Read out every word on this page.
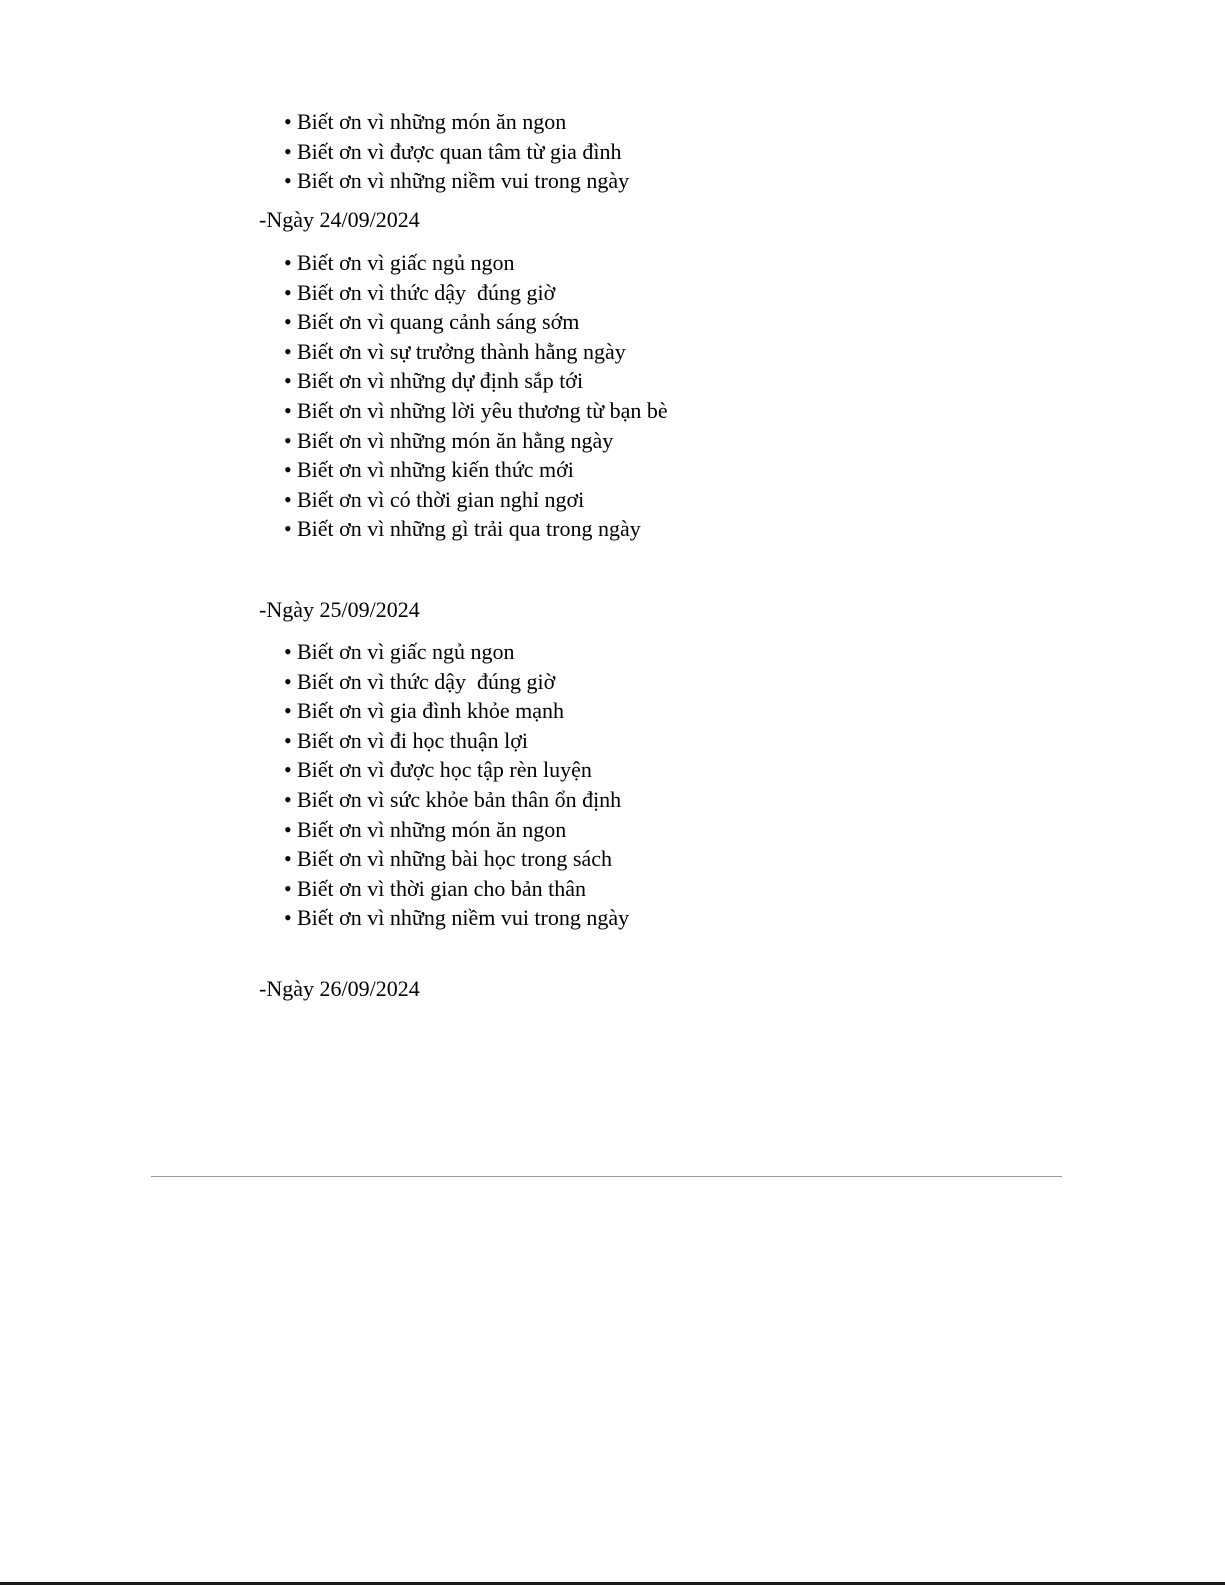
• Biết ơn vì những món ăn ngon
• Biết ơn vì được quan tâm từ gia đình
• Biết ơn vì những niềm vui trong ngày
-Ngày 24/09/2024
• Biết ơn vì giấc ngủ ngon
• Biết ơn vì thức dậy  đúng giờ
• Biết ơn vì quang cảnh sáng sớm
• Biết ơn vì sự trưởng thành hằng ngày
• Biết ơn vì những dự định sắp tới
• Biết ơn vì những lời yêu thương từ bạn bè
• Biết ơn vì những món ăn hằng ngày
• Biết ơn vì những kiến thức mới
• Biết ơn vì có thời gian nghỉ ngơi
• Biết ơn vì những gì trải qua trong ngày
-Ngày 25/09/2024
• Biết ơn vì giấc ngủ ngon
• Biết ơn vì thức dậy  đúng giờ
• Biết ơn vì gia đình khỏe mạnh
• Biết ơn vì đi học thuận lợi
• Biết ơn vì được học tập rèn luyện
• Biết ơn vì sức khỏe bản thân ổn định
• Biết ơn vì những món ăn ngon
• Biết ơn vì những bài học trong sách
• Biết ơn vì thời gian cho bản thân
• Biết ơn vì những niềm vui trong ngày
-Ngày 26/09/2024
